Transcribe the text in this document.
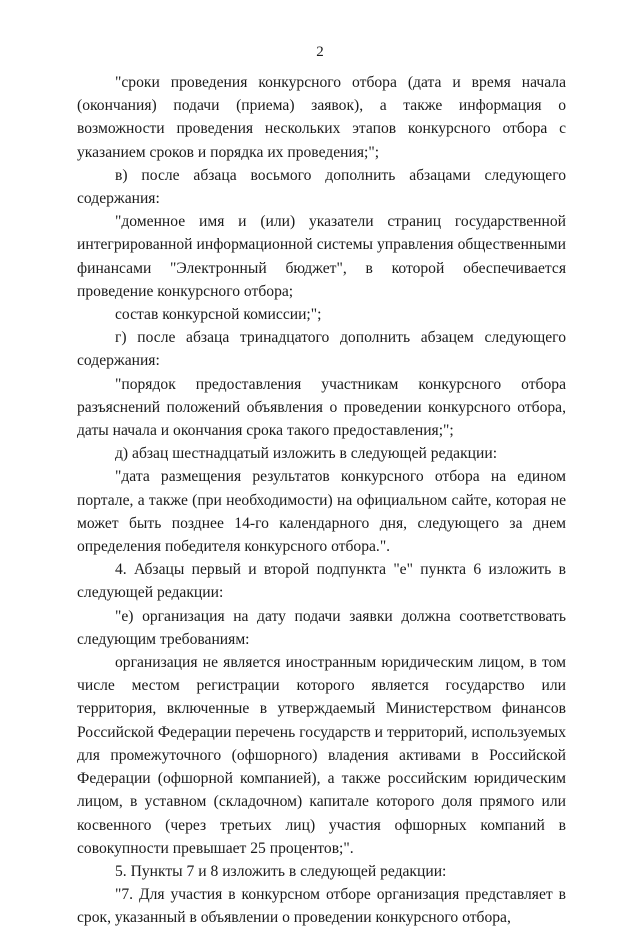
2

"сроки проведения конкурсного отбора (дата и время начала (окончания) подачи (приема) заявок), а также информация о возможности проведения нескольких этапов конкурсного отбора с указанием сроков и порядка их проведения;";

в) после абзаца восьмого дополнить абзацами следующего содержания:

"доменное имя и (или) указатели страниц государственной интегрированной информационной системы управления общественными финансами "Электронный бюджет", в которой обеспечивается проведение конкурсного отбора;

состав конкурсной комиссии;";

г) после абзаца тринадцатого дополнить абзацем следующего содержания:

"порядок предоставления участникам конкурсного отбора разъяснений положений объявления о проведении конкурсного отбора, даты начала и окончания срока такого предоставления;";

д) абзац шестнадцатый изложить в следующей редакции:

"дата размещения результатов конкурсного отбора на едином портале, а также (при необходимости) на официальном сайте, которая не может быть позднее 14-го календарного дня, следующего за днем определения победителя конкурсного отбора.".

4. Абзацы первый и второй подпункта "е" пункта 6 изложить в следующей редакции:

"е) организация на дату подачи заявки должна соответствовать следующим требованиям:

организация не является иностранным юридическим лицом, в том числе местом регистрации которого является государство или территория, включенные в утверждаемый Министерством финансов Российской Федерации перечень государств и территорий, используемых для промежуточного (офшорного) владения активами в Российской Федерации (офшорной компанией), а также российским юридическим лицом, в уставном (складочном) капитале которого доля прямого или косвенного (через третьих лиц) участия офшорных компаний в совокупности превышает 25 процентов;".

5. Пункты 7 и 8 изложить в следующей редакции:

"7. Для участия в конкурсном отборе организация представляет в срок, указанный в объявлении о проведении конкурсного отбора,
